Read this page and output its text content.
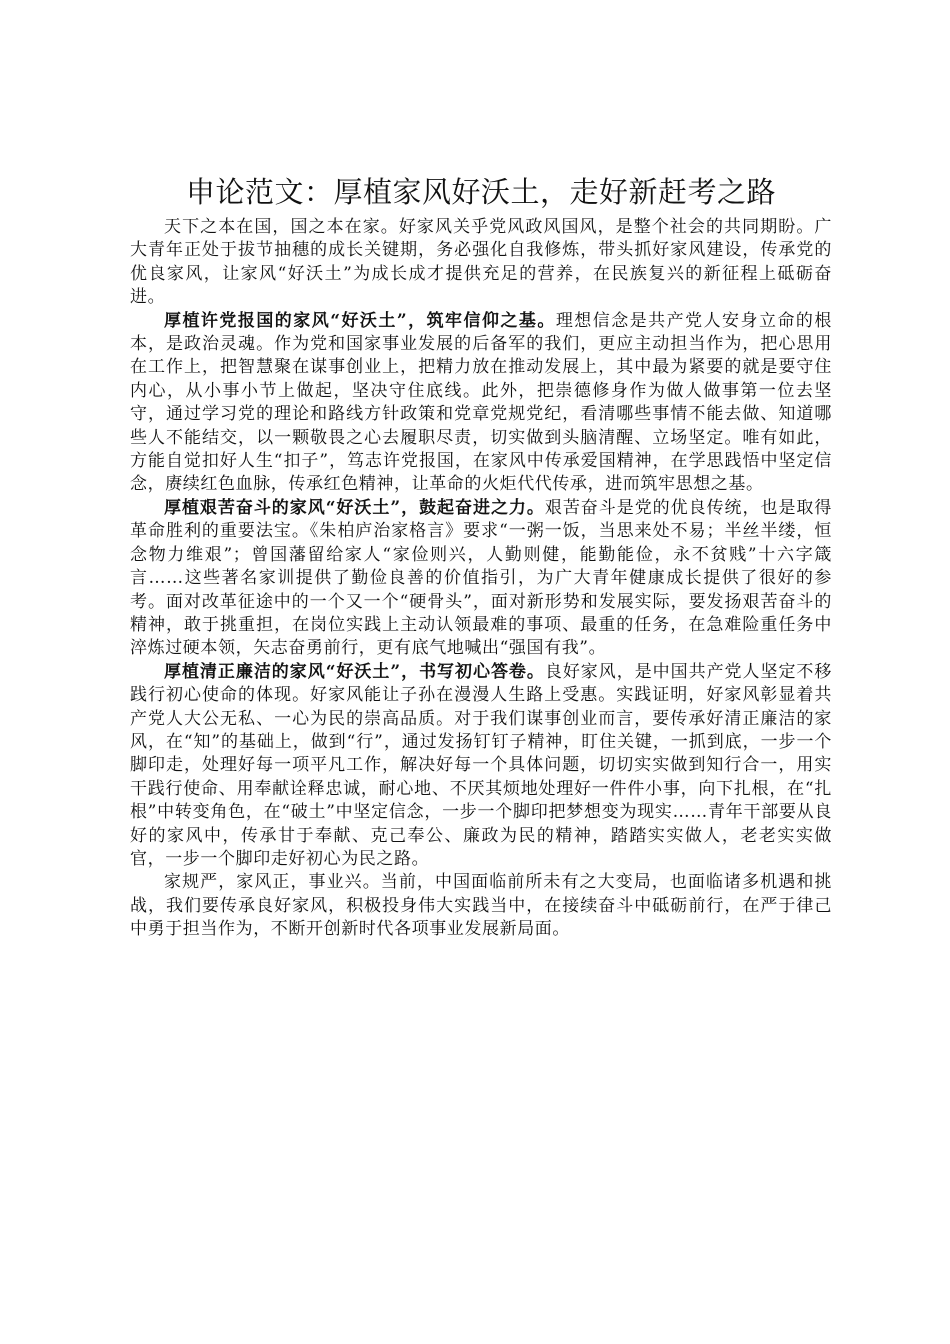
申论范文：厚植家风好沃土，走好新赶考之路

天下之本在国，国之本在家。好家风关乎党风政风国风，是整个社会的共同期盼。广大青年正处于拔节抽穗的成长关键期，务必强化自我修炼，带头抓好家风建设，传承党的优良家风，让家风“好沃土”为成长成才提供充足的营养，在民族复兴的新征程上砥砺奋进。

厚植许党报国的家风“好沃土”，筑牢信仰之基。理想信念是共产党人安身立命的根本，是政治灵魂。作为党和国家事业发展的后备军的我们，更应主动担当作为，把心思用在工作上，把智慧聚在谋事创业上，把精力放在推动发展上，其中最为紧要的就是要守住内心，从小事小节上做起，坚决守住底线。此外，把崇德修身作为做人做事第一位去坚守，通过学习党的理论和路线方针政策和党章党规党纪，看清哪些事情不能去做、知道哪些人不能结交，以一颗敬畏之心去履职尽责，切实做到头脑清醒、立场坚定。唯有如此，方能自觉扣好人生“扣子”，笃志许党报国，在家风中传承爱国精神，在学思践悟中坚定信念，赓续红色血脉，传承红色精神，让革命的火炬代代传承，进而筑牢思想之基。

厚植艰苦奋斗的家风“好沃土”，鼓起奋进之力。艰苦奋斗是党的优良传统，也是取得革命胜利的重要法宝。《朱柏庐治家格言》要求“一粥一饭，当思来处不易；半丝半缕，恒念物力维艰”；曾国藩留给家人“家俭则兴，人勤则健，能勤能俭，永不贫贱”十六字箴言……这些著名家训提供了勤俭良善的价值指引，为广大青年健康成长提供了很好的参考。面对改革征途中的一个又一个“硬骨头”，面对新形势和发展实际，要发扬艰苦奋斗的精神，敢于挑重担，在岗位实践上主动认领最难的事项、最重的任务，在急难险重任务中淬炼过硬本领，矢志奋勇前行，更有底气地喊出“强国有我”。

厚植清正廉洁的家风“好沃土”，书写初心答卷。良好家风，是中国共产党人坚定不移践行初心使命的体现。好家风能让子孙在漫漫人生路上受惠。实践证明，好家风彰显着共产党人大公无私、一心为民的崇高品质。对于我们谋事创业而言，要传承好清正廉洁的家风，在“知”的基础上，做到“行”，通过发扬钉钉子精神，盯住关键，一抓到底，一步一个脚印走，处理好每一项平凡工作，解决好每一个具体问题，切切实实做到知行合一，用实干践行使命、用奉献诠释忠诚，耐心地、不厌其烦地处理好一件件小事，向下扎根，在“扎根”中转变角色，在“破土”中坚定信念，一步一个脚印把梦想变为现实……青年干部要从良好的家风中，传承甘于奉献、克己奉公、廉政为民的精神，踏踏实实做人，老老实实做官，一步一个脚印走好初心为民之路。

家规严，家风正，事业兴。当前，中国面临前所未有之大变局，也面临诸多机遇和挑战，我们要传承良好家风，积极投身伟大实践当中，在接续奋斗中砥砺前行，在严于律己中勇于担当作为，不断开创新时代各项事业发展新局面。
